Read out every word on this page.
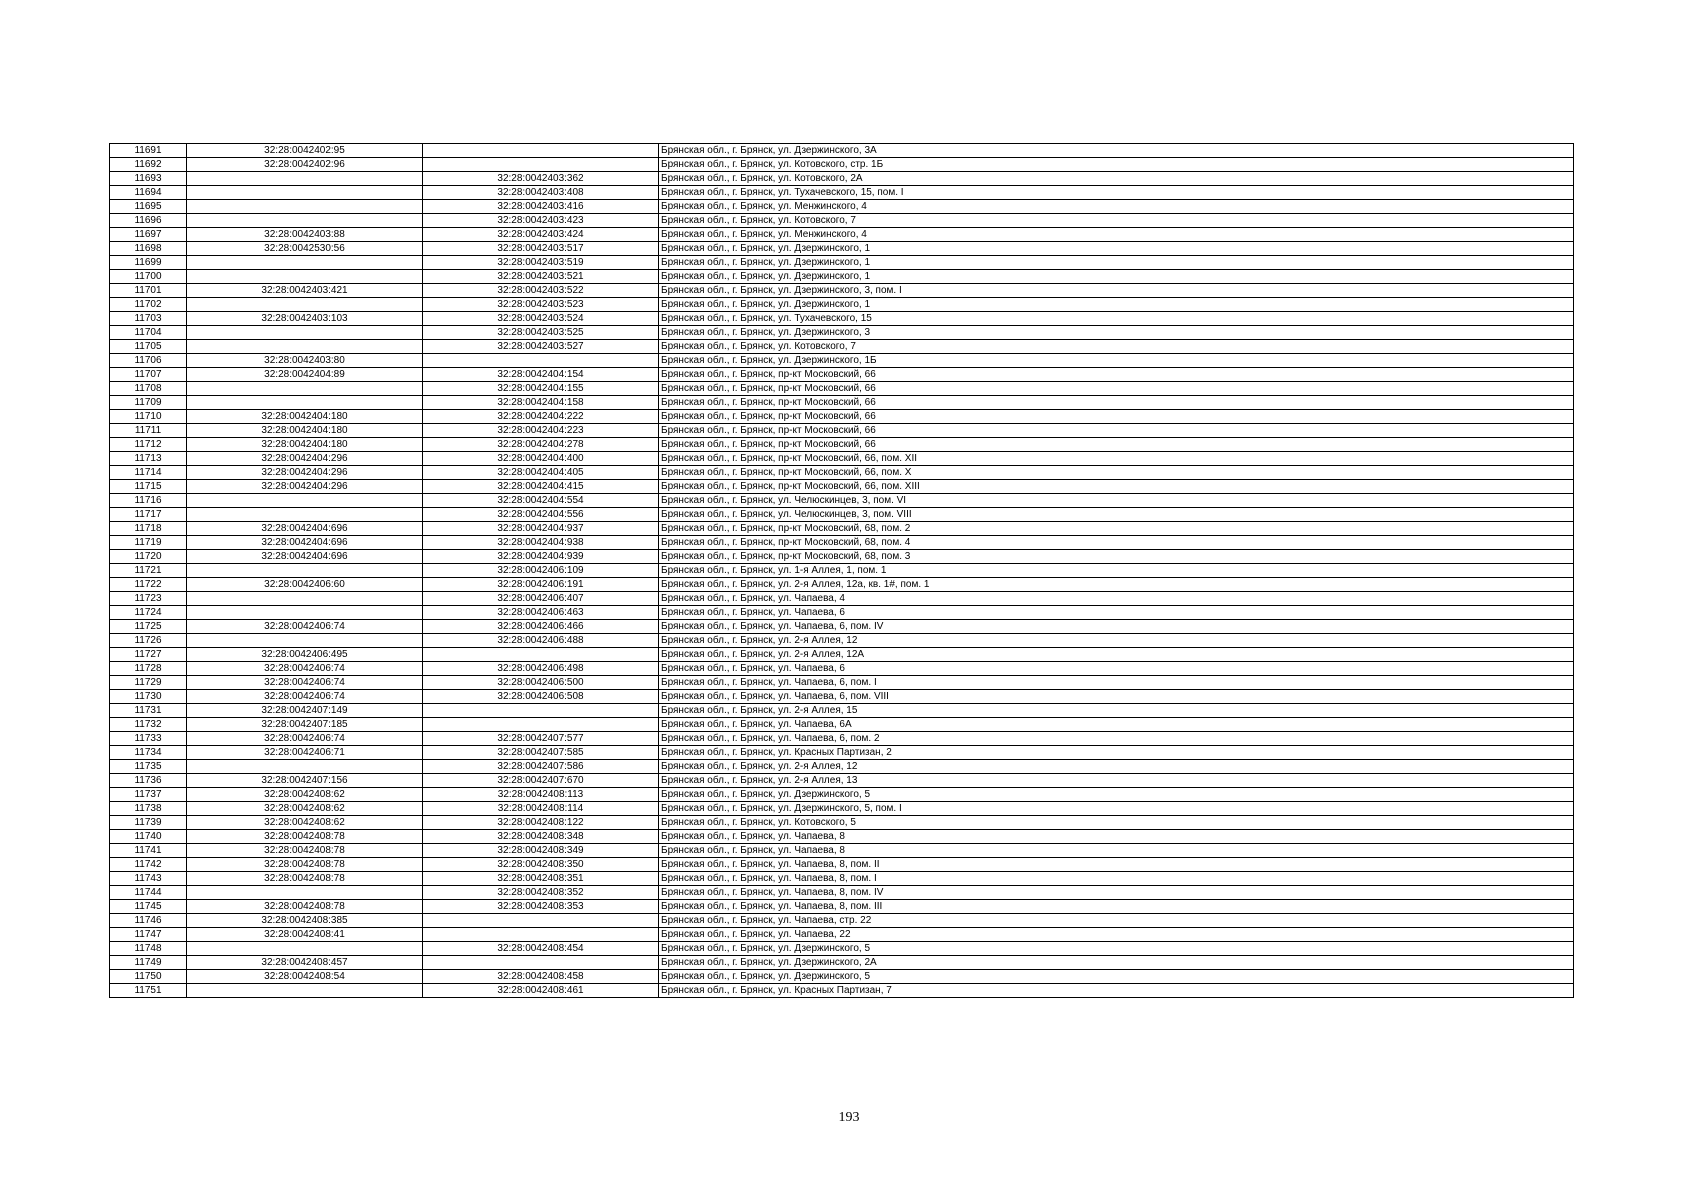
11691	32:28:0042402:95		Брянская обл., г. Брянск, ул. Дзержинского, 3А
11692	32:28:0042402:96		Брянская обл., г. Брянск, ул. Котовского, стр. 1Б
11693		32:28:0042403:362	Брянская обл., г. Брянск, ул. Котовского, 2А
11694		32:28:0042403:408	Брянская обл., г. Брянск, ул. Тухачевского, 15, пом. I
11695		32:28:0042403:416	Брянская обл., г. Брянск, ул. Менжинского, 4
11696		32:28:0042403:423	Брянская обл., г. Брянск, ул. Котовского, 7
11697	32:28:0042403:88	32:28:0042403:424	Брянская обл., г. Брянск, ул. Менжинского, 4
11698	32:28:0042530:56	32:28:0042403:517	Брянская обл., г. Брянск, ул. Дзержинского, 1
11699		32:28:0042403:519	Брянская обл., г. Брянск, ул. Дзержинского, 1
11700		32:28:0042403:521	Брянская обл., г. Брянск, ул. Дзержинского, 1
11701	32:28:0042403:421	32:28:0042403:522	Брянская обл., г. Брянск, ул. Дзержинского, 3, пом. I
11702		32:28:0042403:523	Брянская обл., г. Брянск, ул. Дзержинского, 1
11703	32:28:0042403:103	32:28:0042403:524	Брянская обл., г. Брянск, ул. Тухачевского, 15
11704		32:28:0042403:525	Брянская обл., г. Брянск, ул. Дзержинского, 3
11705		32:28:0042403:527	Брянская обл., г. Брянск, ул. Котовского, 7
11706	32:28:0042403:80		Брянская обл., г. Брянск, ул. Дзержинского, 1Б
11707	32:28:0042404:89	32:28:0042404:154	Брянская обл., г. Брянск, пр-кт Московский, 66
11708		32:28:0042404:155	Брянская обл., г. Брянск, пр-кт Московский, 66
11709		32:28:0042404:158	Брянская обл., г. Брянск, пр-кт Московский, 66
11710	32:28:0042404:180	32:28:0042404:222	Брянская обл., г. Брянск, пр-кт Московский, 66
11711	32:28:0042404:180	32:28:0042404:223	Брянская обл., г. Брянск, пр-кт Московский, 66
11712	32:28:0042404:180	32:28:0042404:278	Брянская обл., г. Брянск, пр-кт Московский, 66
11713	32:28:0042404:296	32:28:0042404:400	Брянская обл., г. Брянск, пр-кт Московский, 66, пом. XII
11714	32:28:0042404:296	32:28:0042404:405	Брянская обл., г. Брянск, пр-кт Московский, 66, пом. X
11715	32:28:0042404:296	32:28:0042404:415	Брянская обл., г. Брянск, пр-кт Московский, 66, пом. XIII
11716		32:28:0042404:554	Брянская обл., г. Брянск, ул. Челюскинцев, 3, пом. VI
11717		32:28:0042404:556	Брянская обл., г. Брянск, ул. Челюскинцев, 3, пом. VIII
11718	32:28:0042404:696	32:28:0042404:937	Брянская обл., г. Брянск, пр-кт Московский, 68, пом. 2
11719	32:28:0042404:696	32:28:0042404:938	Брянская обл., г. Брянск, пр-кт Московский, 68, пом. 4
11720	32:28:0042404:696	32:28:0042404:939	Брянская обл., г. Брянск, пр-кт Московский, 68, пом. 3
11721		32:28:0042406:109	Брянская обл., г. Брянск, ул. 1-я Аллея, 1, пом. 1
11722	32:28:0042406:60	32:28:0042406:191	Брянская обл., г. Брянск, ул. 2-я Аллея, 12а, кв. 1#, пом. 1
11723		32:28:0042406:407	Брянская обл., г. Брянск, ул. Чапаева, 4
11724		32:28:0042406:463	Брянская обл., г. Брянск, ул. Чапаева, 6
11725	32:28:0042406:74	32:28:0042406:466	Брянская обл., г. Брянск, ул. Чапаева, 6, пом. IV
11726		32:28:0042406:488	Брянская обл., г. Брянск, ул. 2-я Аллея, 12
11727	32:28:0042406:495		Брянская обл., г. Брянск, ул. 2-я Аллея, 12А
11728	32:28:0042406:74	32:28:0042406:498	Брянская обл., г. Брянск, ул. Чапаева, 6
11729	32:28:0042406:74	32:28:0042406:500	Брянская обл., г. Брянск, ул. Чапаева, 6, пом. I
11730	32:28:0042406:74	32:28:0042406:508	Брянская обл., г. Брянск, ул. Чапаева, 6, пом. VIII
11731	32:28:0042407:149		Брянская обл., г. Брянск, ул. 2-я Аллея, 15
11732	32:28:0042407:185		Брянская обл., г. Брянск, ул. Чапаева, 6А
11733	32:28:0042406:74	32:28:0042407:577	Брянская обл., г. Брянск, ул. Чапаева, 6, пом. 2
11734	32:28:0042406:71	32:28:0042407:585	Брянская обл., г. Брянск, ул. Красных Партизан, 2
11735		32:28:0042407:586	Брянская обл., г. Брянск, ул. 2-я Аллея, 12
11736	32:28:0042407:156	32:28:0042407:670	Брянская обл., г. Брянск, ул. 2-я Аллея, 13
11737	32:28:0042408:62	32:28:0042408:113	Брянская обл., г. Брянск, ул. Дзержинского, 5
11738	32:28:0042408:62	32:28:0042408:114	Брянская обл., г. Брянск, ул. Дзержинского, 5, пом. I
11739	32:28:0042408:62	32:28:0042408:122	Брянская обл., г. Брянск, ул. Котовского, 5
11740	32:28:0042408:78	32:28:0042408:348	Брянская обл., г. Брянск, ул. Чапаева, 8
11741	32:28:0042408:78	32:28:0042408:349	Брянская обл., г. Брянск, ул. Чапаева, 8
11742	32:28:0042408:78	32:28:0042408:350	Брянская обл., г. Брянск, ул. Чапаева, 8, пом. II
11743	32:28:0042408:78	32:28:0042408:351	Брянская обл., г. Брянск, ул. Чапаева, 8, пом. I
11744		32:28:0042408:352	Брянская обл., г. Брянск, ул. Чапаева, 8, пом. IV
11745	32:28:0042408:78	32:28:0042408:353	Брянская обл., г. Брянск, ул. Чапаева, 8, пом. III
11746	32:28:0042408:385		Брянская обл., г. Брянск, ул. Чапаева, стр. 22
11747	32:28:0042408:41		Брянская обл., г. Брянск, ул. Чапаева, 22
11748		32:28:0042408:454	Брянская обл., г. Брянск, ул. Дзержинского, 5
11749	32:28:0042408:457		Брянская обл., г. Брянск, ул. Дзержинского, 2А
11750	32:28:0042408:54	32:28:0042408:458	Брянская обл., г. Брянск, ул. Дзержинского, 5
11751		32:28:0042408:461	Брянская обл., г. Брянск, ул. Красных Партизан, 7
193
